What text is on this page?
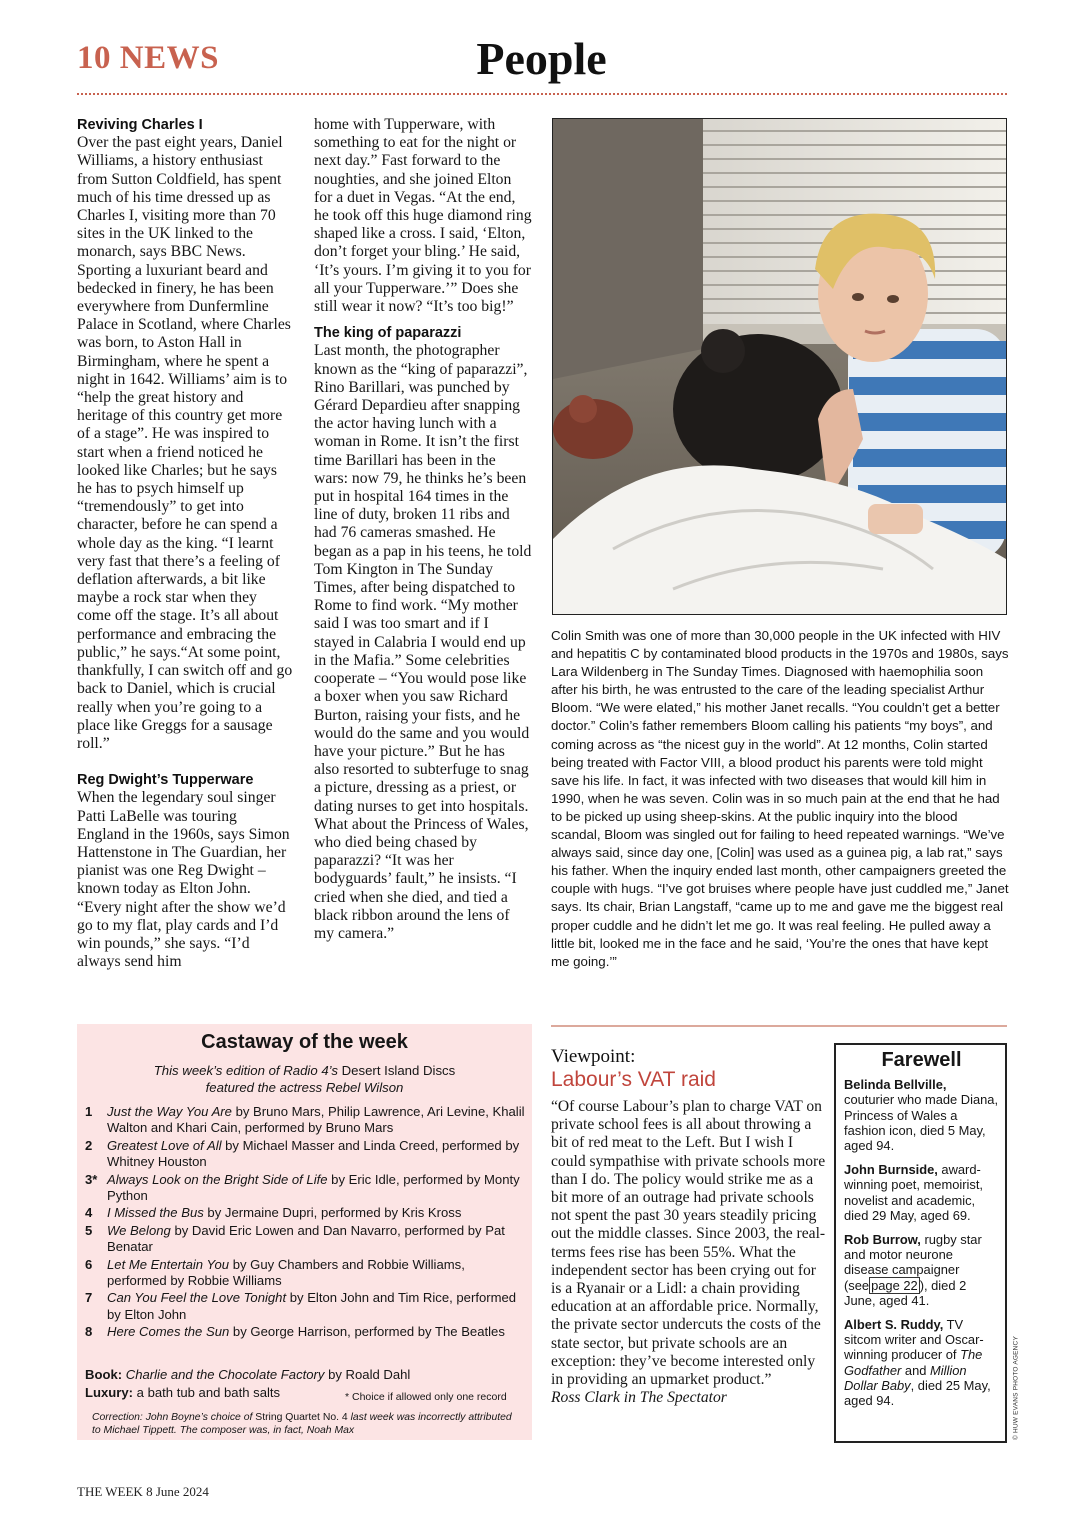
10 NEWS	People
Reviving Charles I

Over the past eight years, Daniel Williams, a history enthusiast from Sutton Coldfield, has spent much of his time dressed up as Charles I, visiting more than 70 sites in the UK linked to the monarch, says BBC News. Sporting a luxuriant beard and bedecked in finery, he has been everywhere from Dunfermline Palace in Scotland, where Charles was born, to Aston Hall in Birmingham, where he spent a night in 1642. Williams’ aim is to “help the great history and heritage of this country get more of a stage”. He was inspired to start when a friend noticed he looked like Charles; but he says he has to psych himself up “tremendously” to get into character, before he can spend a whole day as the king. “I learnt very fast that there’s a feeling of deflation afterwards, a bit like maybe a rock star when they come off the stage. It’s all about performance and embracing the public,” he says.“At some point, thankfully, I can switch off and go back to Daniel, which is crucial really when you’re going to a place like Greggs for a sausage roll.”

Reg Dwight’s Tupperware

When the legendary soul singer Patti LaBelle was touring England in the 1960s, says Simon Hattenstone in The Guardian, her pianist was one Reg Dwight – known today as Elton John. “Every night after the show we’d go to my flat, play cards and I’d win pounds,” she says. “I’d always send him

home with Tupperware, with something to eat for the night or next day.” Fast forward to the noughties, and she joined Elton for a duet in Vegas. “At the end, he took off this huge diamond ring shaped like a cross. I said, ‘Elton, don’t forget your bling.’ He said, ‘It’s yours. I’m giving it to you for all your Tupperware.’” Does she still wear it now? “It’s too big!”

The king of paparazzi

Last month, the photographer known as the “king of paparazzi”, Rino Barillari, was punched by Gérard Depardieu after snapping the actor having lunch with a woman in Rome. It isn’t the first time Barillari has been in the wars: now 79, he thinks he’s been put in hospital 164 times in the line of duty, broken 11 ribs and had 76 cameras smashed. He began as a pap in his teens, he told Tom Kington in The Sunday Times, after being dispatched to Rome to find work. “My mother said I was too smart and if I stayed in Calabria I would end up in the Mafia.” Some celebrities cooperate – “You would pose like a boxer when you saw Richard Burton, raising your fists, and he would do the same and you would have your picture.” But he has also resorted to subterfuge to snag a picture, dressing as a priest, or dating nurses to get into hospitals. What about the Princess of Wales, who died being chased by paparazzi? “It was her bodyguards’ fault,” he insists. “I cried when she died, and tied a black ribbon around the lens of my camera.”

Colin Smith was one of more than 30,000 people in the UK infected with HIV and hepatitis C by contaminated blood products in the 1970s and 1980s, says Lara Wildenberg in The Sunday Times. Diagnosed with haemophilia soon after his birth, he was entrusted to the care of the leading specialist Arthur Bloom. “We were elated,” his mother Janet recalls. “You couldn’t get a better doctor.” Colin’s father remembers Bloom calling his patients “my boys”, and coming across as “the nicest guy in the world”. At 12 months, Colin started being treated with Factor VIII, a blood product his parents were told might save his life. In fact, it was infected with two diseases that would kill him in 1990, when he was seven. Colin was in so much pain at the end that he had to be picked up using sheep-skins. At the public inquiry into the blood scandal, Bloom was singled out for failing to heed repeated warnings. “We’ve always said, since day one, [Colin] was used as a guinea pig, a lab rat,” says his father. When the inquiry ended last month, other campaigners greeted the couple with hugs. “I’ve got bruises where people have just cuddled me,” Janet says. Its chair, Brian Langstaff, “came up to me and gave me the biggest real proper cuddle and he didn’t let me go. It was real feeling. He pulled away a little bit, looked me in the face and he said, ‘You’re the ones that have kept me going.’”
Castaway of the week
This week’s edition of Radio 4’s Desert Island Discs
featured the actress Rebel Wilson
1 Just the Way You Are by Bruno Mars, Philip Lawrence, Ari Levine, Khalil Walton and Khari Cain, performed by Bruno Mars
2 Greatest Love of All by Michael Masser and Linda Creed, performed by Whitney Houston
3* Always Look on the Bright Side of Life by Eric Idle, performed by Monty Python
4 I Missed the Bus by Jermaine Dupri, performed by Kris Kross
5 We Belong by David Eric Lowen and Dan Navarro, performed by Pat Benatar
6 Let Me Entertain You by Guy Chambers and Robbie Williams, performed by Robbie Williams
7 Can You Feel the Love Tonight by Elton John and Tim Rice, performed by Elton John
8 Here Comes the Sun by George Harrison, performed by The Beatles
Book: Charlie and the Chocolate Factory by Roald Dahl
Luxury: a bath tub and bath salts	* Choice if allowed only one record
Correction: John Boyne’s choice of String Quartet No. 4 last week was incorrectly attributed to Michael Tippett. The composer was, in fact, Noah Max
Viewpoint:
Labour’s VAT raid
“Of course Labour’s plan to charge VAT on private school fees is all about throwing a bit of red meat to the Left. But I wish I could sympathise with private schools more than I do. The policy would strike me as a bit more of an outrage had private schools not spent the past 30 years steadily pricing out the middle classes. Since 2003, the real-terms fees rise has been 55%. What the independent sector has been crying out for is a Ryanair or a Lidl: a chain providing education at an affordable price. Normally, the private sector undercuts the costs of the state sector, but private schools are an exception: they’ve become interested only in providing an upmarket product.”
Ross Clark in The Spectator
Farewell

Belinda Bellville, couturier who made Diana, Princess of Wales a fashion icon, died 5 May, aged 94.

John Burnside, award-winning poet, memoirist, novelist and academic, died 29 May, aged 69.

Rob Burrow, rugby star and motor neurone disease campaigner (see page 22 ), died 2 June, aged 41.

Albert S. Ruddy, TV sitcom writer and Oscar-winning producer of The Godfather and Million Dollar Baby, died 25 May, aged 94.	© HUW EVANS PHOTO AGENCY
THE WEEK 8 June 2024
